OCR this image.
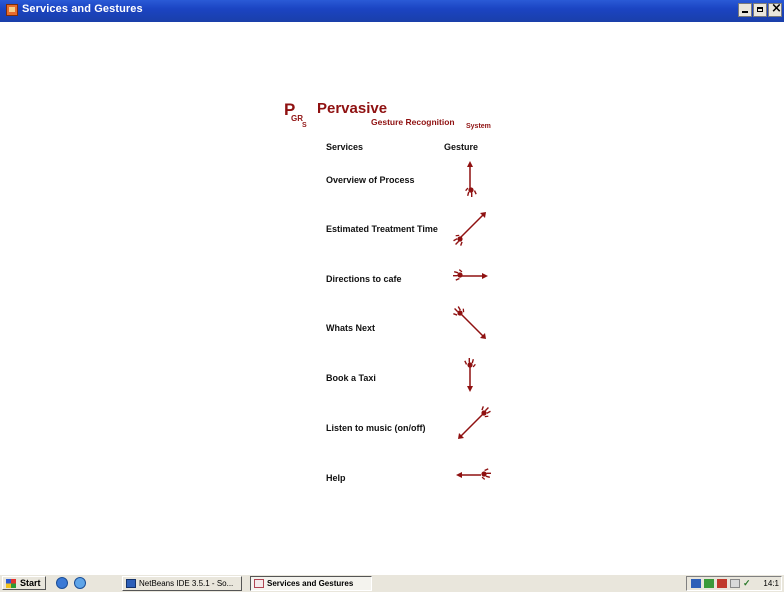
Services and Gestures
×
P
GR
S
Pervasive
Gesture Recognition System
Services	Gesture
Overview of Process
Estimated Treatment Time
Directions to cafe
Whats Next
Book a Taxi
Listen to music (on/off)
Help
Start	NetBeans IDE 3.5.1 - So...	Services and Gestures	✓	14:1
